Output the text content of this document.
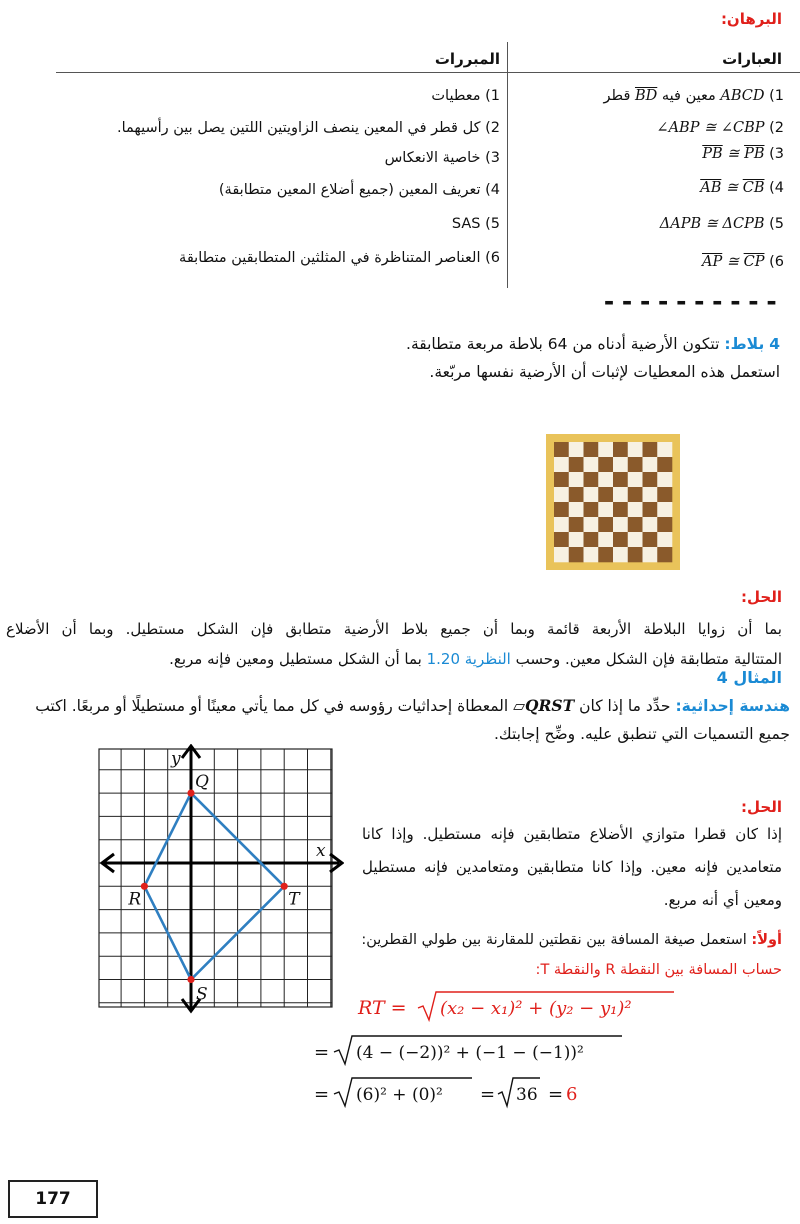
البرهان:
العبارات
المبررات
1) ABCD معين فيه BD قطر
2) ∠ABP ≅ ∠CBP
3) $\overline{PB}$ ≅ $\overline{PB}$
4) $\overline{AB}$ ≅ $\overline{CB}$
5) ΔAPB ≅ ΔCPB
6) $\overline{AP}$ ≅ $\overline{CP}$
1) معطيات
2) كل قطر في المعين ينصف الزاويتين اللتين يصل بين رأسيهما.
3) خاصية الانعكاس
4) تعريف المعين (جميع أضلاع المعين متطابقة)
5) SAS
6) العناصر المتناظرة في المثلثين المتطابقين متطابقة
----------
4 بلاط: تتكون الأرضية أدناه من 64 بلاطة مربعة متطابقة. استعمل هذه المعطيات لإثبات أن الأرضية نفسها مربّعة.
الحل:
بما أن زوايا البلاطة الأربعة قائمة وبما أن جميع بلاط الأرضية متطابق فإن الشكل مستطيل. وبما أن الأضلاع
المتتالية متطابقة فإن الشكل معين. وحسب النظرية 1.20 بما أن الشكل مستطيل ومعين فإنه مربع.
المثال 4
هندسة إحداثية: حدِّد ما إذا كان ▱QRST المعطاة إحداثيات رؤوسه في كل مما يأتي معينًا أو مستطيلًا أو مربعًا. اكتب جميع التسميات التي تنطبق عليه. وضِّح إجابتك.
y
x
Q
R
S
T
الحل:
إذا كان قطرا متوازي الأضلاع متطابقين فإنه مستطيل. وإذا كانا متعامدين فإنه معين. وإذا كانا متطابقين ومتعامدين فإنه مستطيل ومعين أي أنه مربع.
أولاً: استعمل صيغة المسافة بين نقطتين للمقارنة بين طولي القطرين:
حساب المسافة بين النقطة R والنقطة T:
RT = (x₂ − x₁)² + (y₂ − y₁)²
= (4 − (−2))² + (−1 − (−1))²
= (6)² + (0)² = 36 = 6
177
